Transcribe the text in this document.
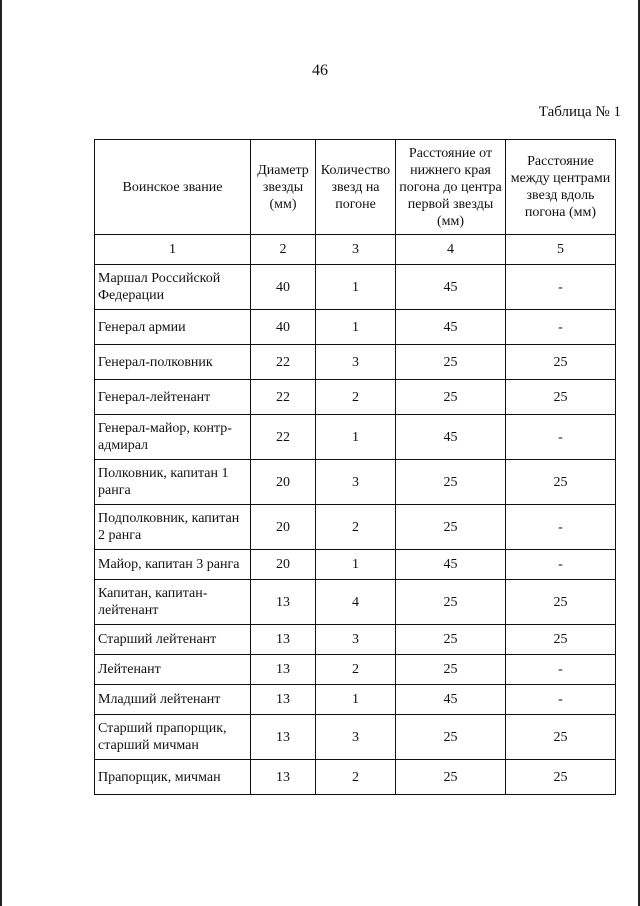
46
Таблица № 1
Воинское звание	Диаметр звезды (мм)	Количество звезд на погоне	Расстояние от нижнего края погона до центра первой звезды (мм)	Расстояние между центрами звезд вдоль погона (мм)
1	2	3	4	5
Маршал Российской Федерации	40	1	45	-
Генерал армии	40	1	45	-
Генерал-полковник	22	3	25	25
Генерал-лейтенант	22	2	25	25
Генерал-майор, контр-адмирал	22	1	45	-
Полковник, капитан 1 ранга	20	3	25	25
Подполковник, капитан 2 ранга	20	2	25	-
Майор, капитан 3 ранга	20	1	45	-
Капитан, капитан-лейтенант	13	4	25	25
Старший лейтенант	13	3	25	25
Лейтенант	13	2	25	-
Младший лейтенант	13	1	45	-
Старший прапорщик, старший мичман	13	3	25	25
Прапорщик, мичман	13	2	25	25
